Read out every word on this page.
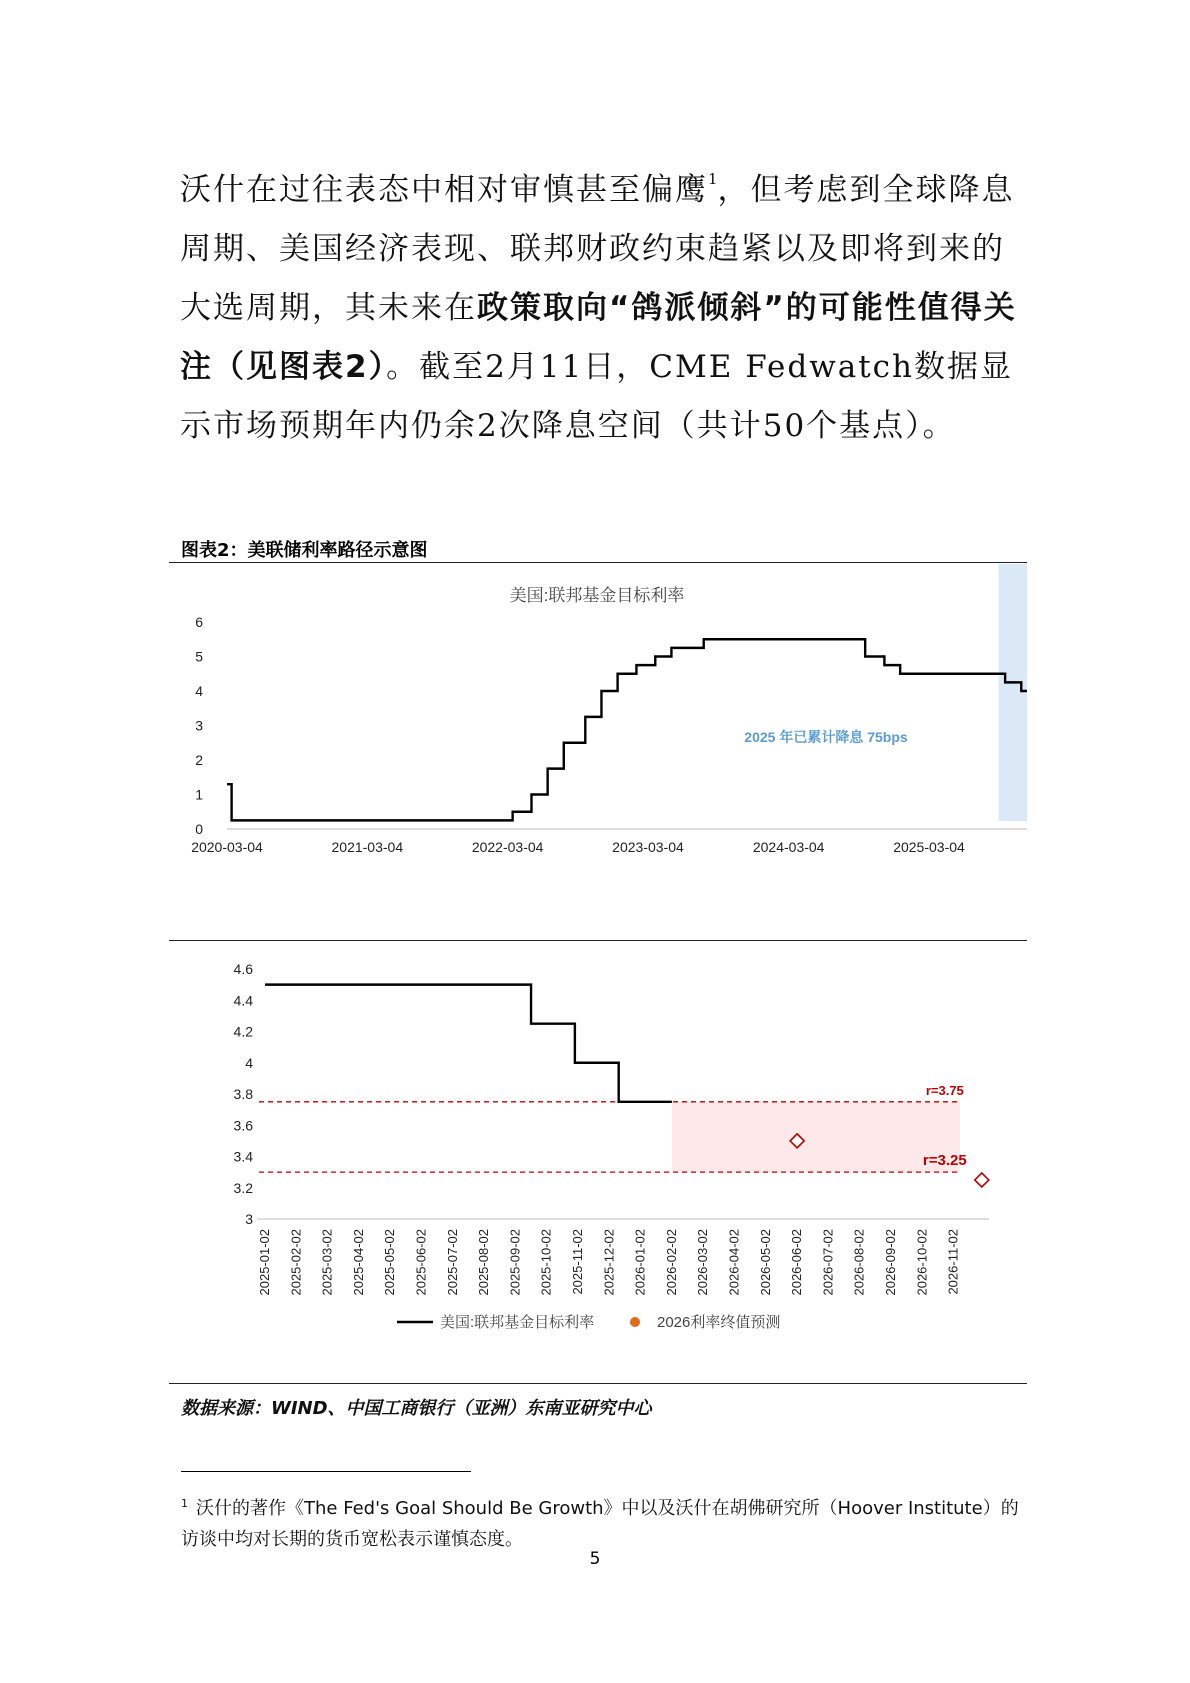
沃什在过往表态中相对审慎甚至偏鹰$^1$，但考虑到全球降息周期、美国经济表现、联邦财政约束趋紧以及即将到来的大选周期，其未来在政策取向“鸽派倾斜”的可能性值得关注（见图表2）。截至2月11日，CME Fedwatch数据显示市场预期年内仍余2次降息空间（共计50个基点）。

图表2：美联储利率路径示意图
美国:联邦基金目标利率
0
1
2
3
4
5
6
2020-03-04	2021-03-04	2022-03-04	2023-03-04	2024-03-04	2025-03-04
2025 年已累计降息 75bps
3
3.2
3.4
3.6
3.8
4
4.2
4.4
4.6
2025-01-02 2025-02-02 2025-03-02 2025-04-02 2025-05-02 2025-06-02 2025-07-02 2025-08-02 2025-09-02 2025-10-02 2025-11-02 2025-12-02 2026-01-02 2026-02-02 2026-03-02 2026-04-02 2026-05-02 2026-06-02 2026-07-02 2026-08-02 2026-09-02 2026-10-02 2026-11-02
r=3.75
r=3.25
美国:联邦基金目标利率	2026利率终值预测
数据来源：WIND、中国工商银行（亚洲）东南亚研究中心

$^1$ 沃什的著作《The Fed's Goal Should Be Growth》中以及沃什在胡佛研究所（Hoover Institute）的访谈中均对长期的货币宽松表示谨慎态度。

5
